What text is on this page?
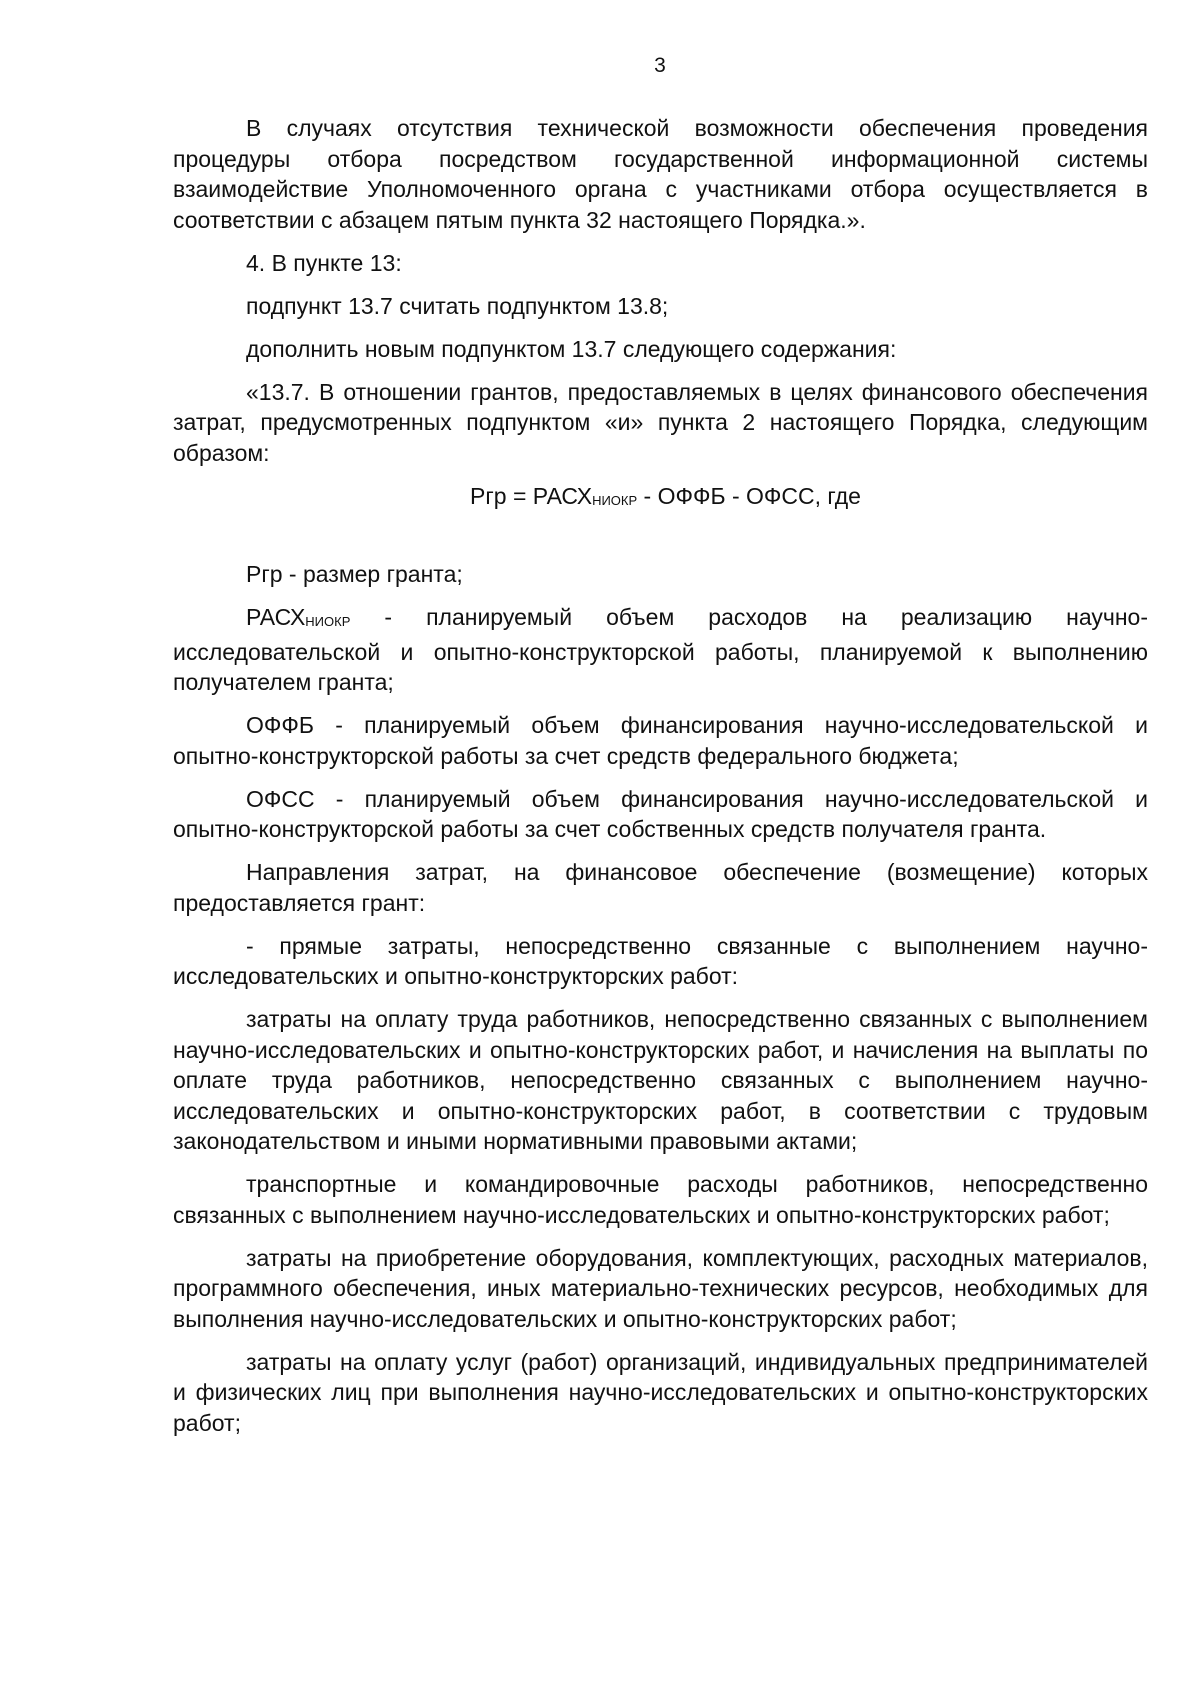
3

В случаях отсутствия технической возможности обеспечения проведения процедуры отбора посредством государственной информационной системы взаимодействие Уполномоченного органа с участниками отбора осуществляется в соответствии с абзацем пятым пункта 32 настоящего Порядка.».

4. В пункте 13:

подпункт 13.7 считать подпунктом 13.8;

дополнить новым подпунктом 13.7 следующего содержания:

«13.7. В отношении грантов, предоставляемых в целях финансового обеспечения затрат, предусмотренных подпунктом «и» пункта 2 настоящего Порядка, следующим образом:

Ргр = РАСХНИОКР - ОФФБ - ОФСС, где

Ргр - размер гранта;

РАСХНИОКР - планируемый объем расходов на реализацию научно-исследовательской и опытно-конструкторской работы, планируемой к выполнению получателем гранта;

ОФФБ - планируемый объем финансирования научно-исследовательской и опытно-конструкторской работы за счет средств федерального бюджета;

ОФСС - планируемый объем финансирования научно-исследовательской и опытно-конструкторской работы за счет собственных средств получателя гранта.

Направления затрат, на финансовое обеспечение (возмещение) которых предоставляется грант:

- прямые затраты, непосредственно связанные с выполнением научно-исследовательских и опытно-конструкторских работ:

затраты на оплату труда работников, непосредственно связанных с выполнением научно-исследовательских и опытно-конструкторских работ, и начисления на выплаты по оплате труда работников, непосредственно связанных с выполнением научно-исследовательских и опытно-конструкторских работ, в соответствии с трудовым законодательством и иными нормативными правовыми актами;

транспортные и командировочные расходы работников, непосредственно связанных с выполнением научно-исследовательских и опытно-конструкторских работ;

затраты на приобретение оборудования, комплектующих, расходных материалов, программного обеспечения, иных материально-технических ресурсов, необходимых для выполнения научно-исследовательских и опытно-конструкторских работ;

затраты на оплату услуг (работ) организаций, индивидуальных предпринимателей и физических лиц при выполнения научно-исследовательских и опытно-конструкторских работ;
